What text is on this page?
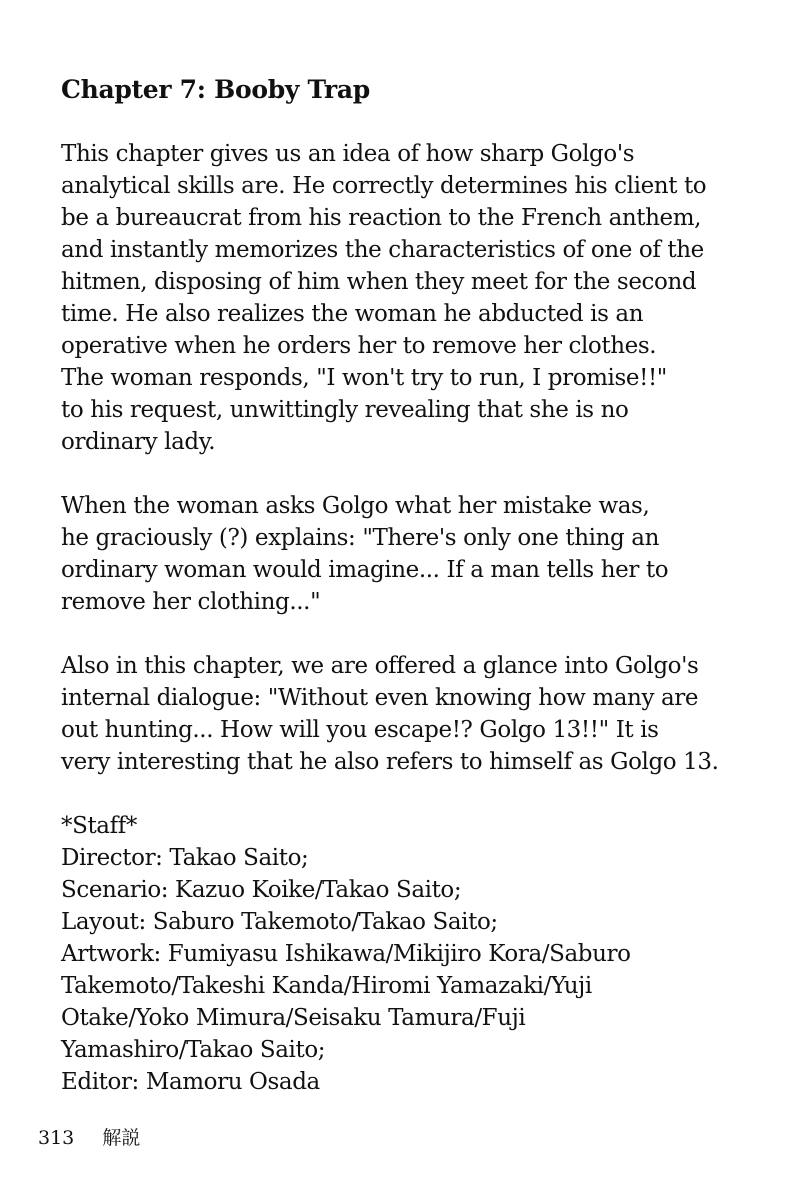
Chapter 7: Booby Trap
This chapter gives us an idea of how sharp Golgo's
analytical skills are. He correctly determines his client to
be a bureaucrat from his reaction to the French anthem,
and instantly memorizes the characteristics of one of the
hitmen, disposing of him when they meet for the second
time. He also realizes the woman he abducted is an
operative when he orders her to remove her clothes.
The woman responds, "I won't try to run, I promise!!"
to his request, unwittingly revealing that she is no
ordinary lady.
When the woman asks Golgo what her mistake was,
he graciously (?) explains: "There's only one thing an
ordinary woman would imagine... If a man tells her to
remove her clothing..."
Also in this chapter, we are offered a glance into Golgo's
internal dialogue: "Without even knowing how many are
out hunting... How will you escape!? Golgo 13!!" It is
very interesting that he also refers to himself as Golgo 13.
*Staff*
Director: Takao Saito;
Scenario: Kazuo Koike/Takao Saito;
Layout: Saburo Takemoto/Takao Saito;
Artwork: Fumiyasu Ishikawa/Mikijiro Kora/Saburo
Takemoto/Takeshi Kanda/Hiromi Yamazaki/Yuji
Otake/Yoko Mimura/Seisaku Tamura/Fuji
Yamashiro/Takao Saito;
Editor: Mamoru Osada
313 解説
